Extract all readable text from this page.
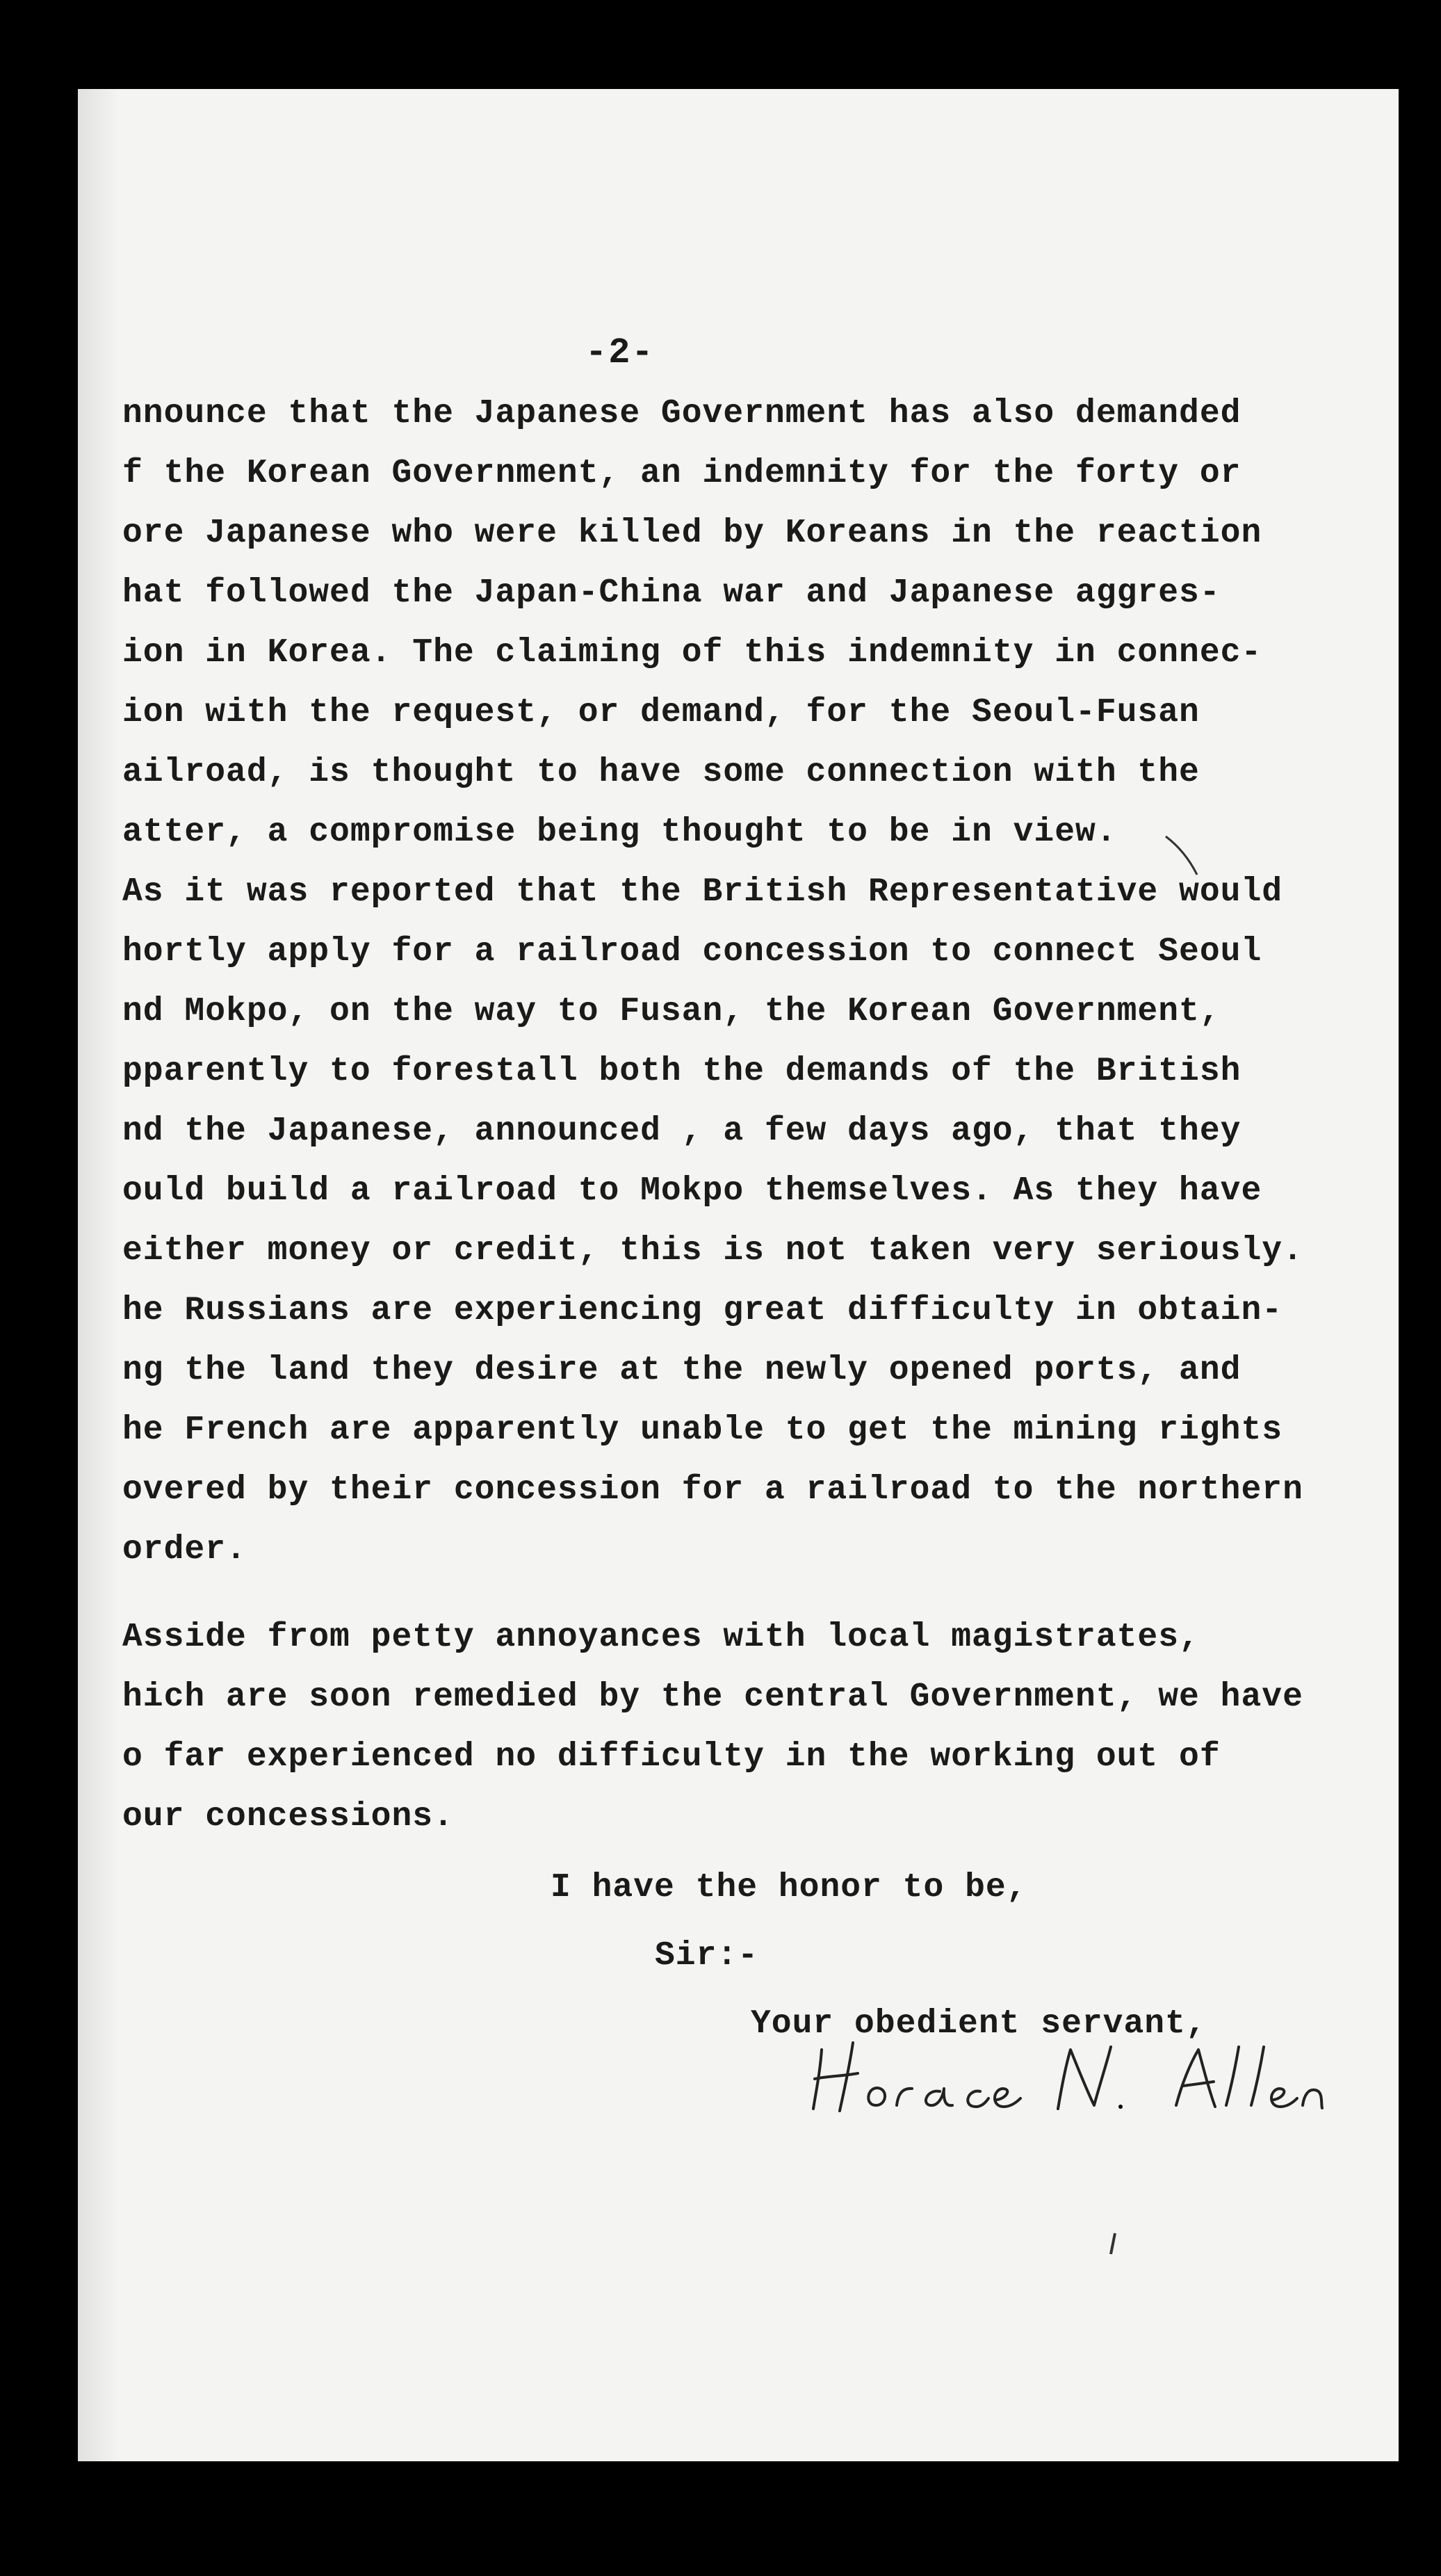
-2-
nnounce that the Japanese Government has also demanded
f the Korean Government, an indemnity for the forty or
ore Japanese who were killed by Koreans in the reaction
hat followed the Japan-China war and Japanese aggres-
ion in Korea. The claiming of this indemnity in connec-
ion with the request, or demand, for the Seoul-Fusan
ailroad, is thought to have some connection with the
atter, a compromise being thought to be in view.
As it was reported that the British Representative would
hortly apply for a railroad concession to connect Seoul
nd Mokpo, on the way to Fusan, the Korean Government,
pparently to forestall both the demands of the British
nd the Japanese, announced , a few days ago, that they
ould build a railroad to Mokpo themselves. As they have
either money or credit, this is not taken very seriously.
he Russians are experiencing great difficulty in obtain-
ng the land they desire at the newly opened ports, and
he French are apparently unable to get the mining rights
overed by their concession for a railroad to the northern
order.
Asside from petty annoyances with local magistrates,
hich are soon remedied by the central Government, we have
o far experienced no difficulty in the working out of
our concessions.
I have the honor to be,
Sir:-
Your obedient servant,
